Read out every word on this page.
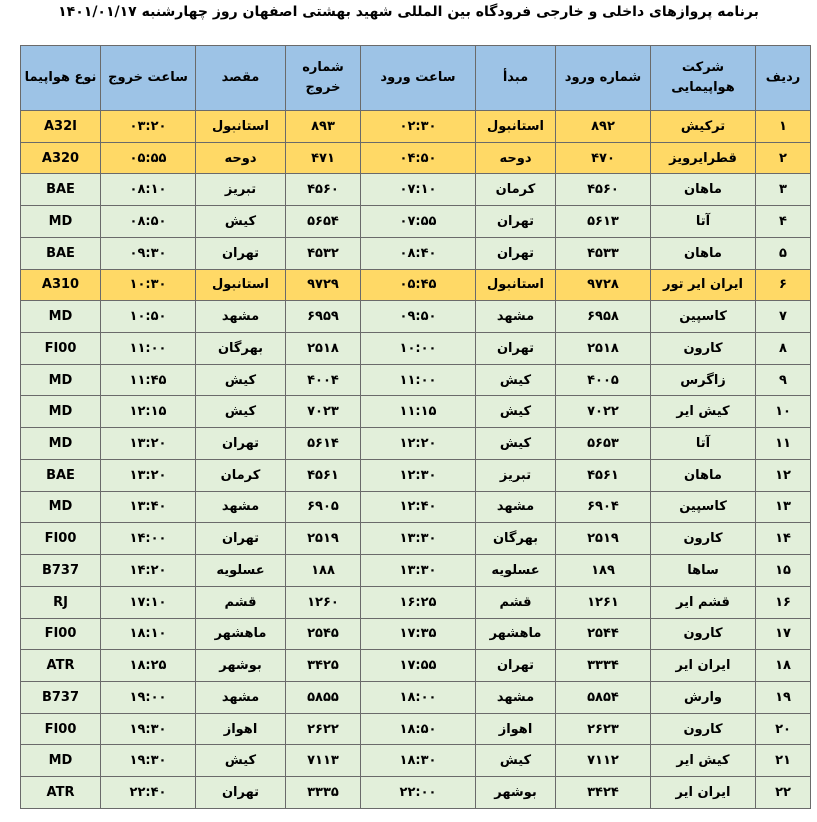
برنامه پروازهای داخلی و خارجی فرودگاه بین المللی شهید بهشتی اصفهان روز چهارشنبه ۱۴۰۱/۰۱/۱۷
ردیف	شرکت هواپیمایی	شماره ورود	مبدأ	ساعت ورود	شماره خروج	مقصد	ساعت خروج	نوع هواپیما
۱	ترکیش	۸۹۲	استانبول	۰۲:۳۰	۸۹۳	استانبول	۰۳:۲۰	A32I
۲	قطرایرویز	۴۷۰	دوحه	۰۴:۵۰	۴۷۱	دوحه	۰۵:۵۵	A320
۳	ماهان	۴۵۶۰	کرمان	۰۷:۱۰	۴۵۶۰	تبریز	۰۸:۱۰	BAE
۴	آتا	۵۶۱۳	تهران	۰۷:۵۵	۵۶۵۴	کیش	۰۸:۵۰	MD
۵	ماهان	۴۵۳۳	تهران	۰۸:۴۰	۴۵۳۲	تهران	۰۹:۳۰	BAE
۶	ایران ایر تور	۹۷۲۸	استانبول	۰۵:۴۵	۹۷۲۹	استانبول	۱۰:۳۰	A310
۷	کاسپین	۶۹۵۸	مشهد	۰۹:۵۰	۶۹۵۹	مشهد	۱۰:۵۰	MD
۸	کارون	۲۵۱۸	تهران	۱۰:۰۰	۲۵۱۸	بهرگان	۱۱:۰۰	FI00
۹	زاگرس	۴۰۰۵	کیش	۱۱:۰۰	۴۰۰۴	کیش	۱۱:۴۵	MD
۱۰	کیش ایر	۷۰۲۲	کیش	۱۱:۱۵	۷۰۲۳	کیش	۱۲:۱۵	MD
۱۱	آتا	۵۶۵۳	کیش	۱۲:۲۰	۵۶۱۴	تهران	۱۳:۲۰	MD
۱۲	ماهان	۴۵۶۱	تبریز	۱۲:۳۰	۴۵۶۱	کرمان	۱۳:۲۰	BAE
۱۳	کاسپین	۶۹۰۴	مشهد	۱۲:۴۰	۶۹۰۵	مشهد	۱۳:۴۰	MD
۱۴	کارون	۲۵۱۹	بهرگان	۱۳:۳۰	۲۵۱۹	تهران	۱۴:۰۰	FI00
۱۵	ساها	۱۸۹	عسلویه	۱۳:۳۰	۱۸۸	عسلویه	۱۴:۲۰	B737
۱۶	قشم ایر	۱۲۶۱	قشم	۱۶:۲۵	۱۲۶۰	قشم	۱۷:۱۰	RJ
۱۷	کارون	۲۵۴۴	ماهشهر	۱۷:۳۵	۲۵۴۵	ماهشهر	۱۸:۱۰	FI00
۱۸	ایران ایر	۳۳۳۴	تهران	۱۷:۵۵	۳۴۲۵	بوشهر	۱۸:۲۵	ATR
۱۹	وارش	۵۸۵۴	مشهد	۱۸:۰۰	۵۸۵۵	مشهد	۱۹:۰۰	B737
۲۰	کارون	۲۶۲۳	اهواز	۱۸:۵۰	۲۶۲۲	اهواز	۱۹:۳۰	FI00
۲۱	کیش ایر	۷۱۱۲	کیش	۱۸:۳۰	۷۱۱۳	کیش	۱۹:۳۰	MD
۲۲	ایران ایر	۳۴۲۴	بوشهر	۲۲:۰۰	۳۳۳۵	تهران	۲۲:۴۰	ATR
